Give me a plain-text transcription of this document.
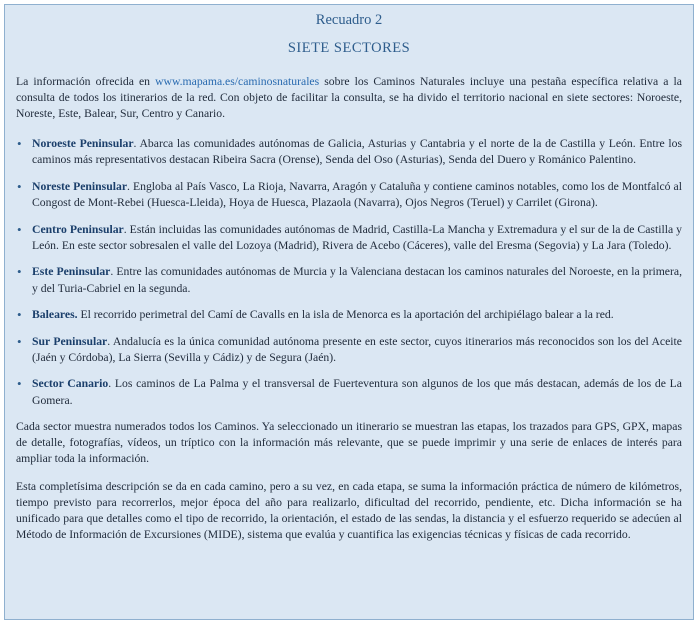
Recuadro 2
SIETE SECTORES

La información ofrecida en www.mapama.es/caminosnaturales sobre los Caminos Naturales incluye una pestaña específica relativa a la consulta de todos los itinerarios de la red. Con objeto de facilitar la consulta, se ha divido el territorio nacional en siete sectores: Noroeste, Noreste, Este, Balear, Sur, Centro y Canario.

• Noroeste Peninsular. Abarca las comunidades autónomas de Galicia, Asturias y Cantabria y el norte de la de Castilla y León. Entre los caminos más representativos destacan Ribeira Sacra (Orense), Senda del Oso (Asturias), Senda del Duero y Románico Palentino.
• Noreste Peninsular. Engloba al País Vasco, La Rioja, Navarra, Aragón y Cataluña y contiene caminos notables, como los de Montfalcó al Congost de Mont-Rebei (Huesca-Lleida), Hoya de Huesca, Plazaola (Navarra), Ojos Negros (Teruel) y Carrilet (Girona).
• Centro Peninsular. Están incluidas las comunidades autónomas de Madrid, Castilla-La Mancha y Extremadura y el sur de la de Castilla y León. En este sector sobresalen el valle del Lozoya (Madrid), Rivera de Acebo (Cáceres), valle del Eresma (Segovia) y La Jara (Toledo).
• Este Peninsular. Entre las comunidades autónomas de Murcia y la Valenciana destacan los caminos naturales del Noroeste, en la primera, y del Turia-Cabriel en la segunda.
• Baleares. El recorrido perimetral del Camí de Cavalls en la isla de Menorca es la aportación del archipiélago balear a la red.
• Sur Peninsular. Andalucía es la única comunidad autónoma presente en este sector, cuyos itinerarios más reconocidos son los del Aceite (Jaén y Córdoba), La Sierra (Sevilla y Cádiz) y de Segura (Jaén).
• Sector Canario. Los caminos de La Palma y el transversal de Fuerteventura son algunos de los que más destacan, además de los de La Gomera.

Cada sector muestra numerados todos los Caminos. Ya seleccionado un itinerario se muestran las etapas, los trazados para GPS, GPX, mapas de detalle, fotografías, vídeos, un tríptico con la información más relevante, que se puede imprimir y una serie de enlaces de interés para ampliar toda la información.

Esta completísima descripción se da en cada camino, pero a su vez, en cada etapa, se suma la información práctica de número de kilómetros, tiempo previsto para recorrerlos, mejor época del año para realizarlo, dificultad del recorrido, pendiente, etc. Dicha información se ha unificado para que detalles como el tipo de recorrido, la orientación, el estado de las sendas, la distancia y el esfuerzo requerido se adecúen al Método de Información de Excursiones (MIDE), sistema que evalúa y cuantifica las exigencias técnicas y físicas de cada recorrido.
